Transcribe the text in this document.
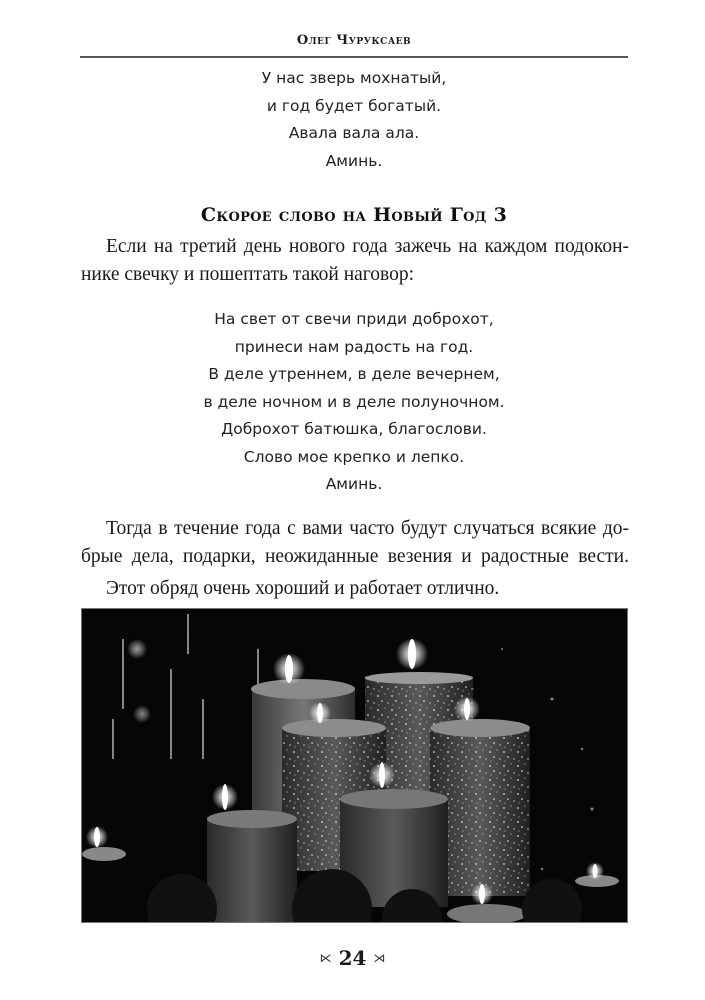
Олег Чуруксаев
У нас зверь мохнатый,
и год будет богатый.
Авала вала ала.
Аминь.
Скорое слово на Новый Год 3
Если на третий день нового года зажечь на каждом подокон-
нике свечку и пошептать такой наговор:
На свет от свечи приди доброхот,
принеси нам радость на год.
В деле утреннем, в деле вечернем,
в деле ночном и в деле полуночном.
Доброхот батюшка, благослови.
Слово мое крепко и лепко.
Аминь.
Тогда в течение года с вами часто будут случаться всякие до-
брые дела, подарки, неожиданные везения и радостные вести.
Этот обряд очень хороший и работает отлично.
⋉ 24 ⋊
